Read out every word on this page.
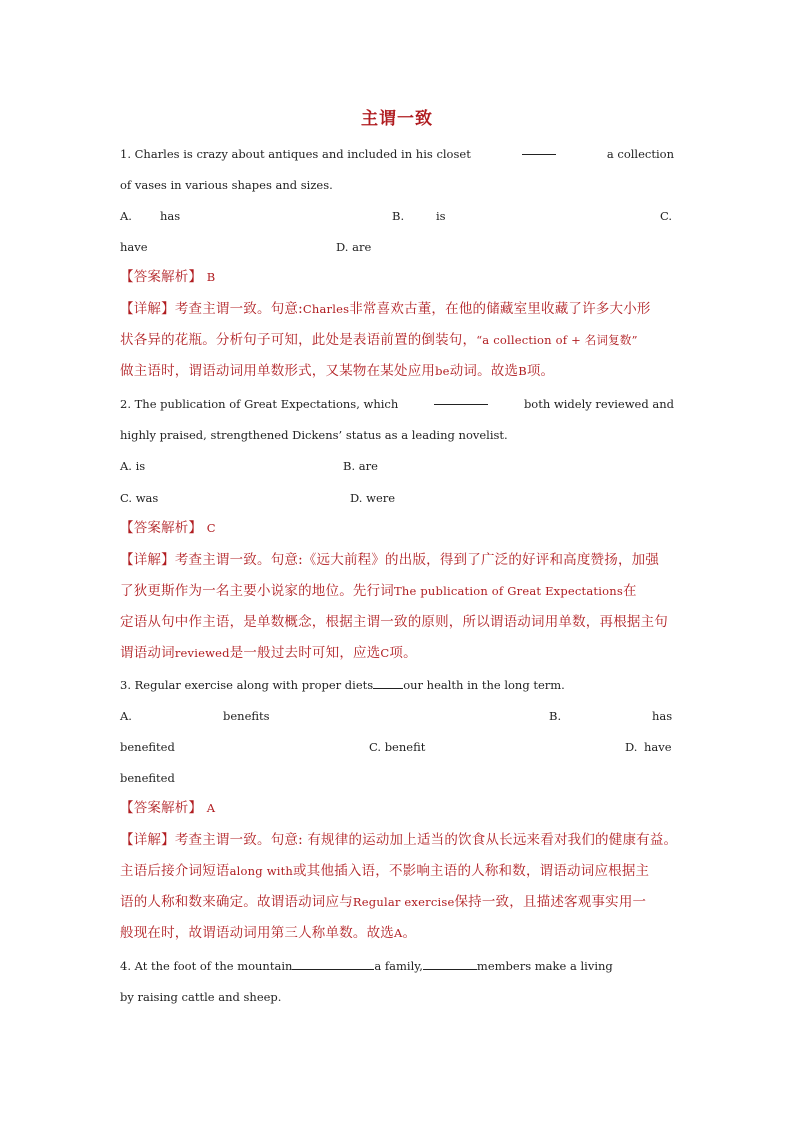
主谓一致
1. Charles is crazy about antiques and included in his closet	a collection
of vases in various shapes and sizes.
A. has	B.	is	C.
have	D. are
【答案解析】 B
【详解】考查主谓一致。句意:Charles非常喜欢古董，在他的储藏室里收藏了许多大小形
状各异的花瓶。分析句子可知，此处是表语前置的倒装句，“a collection of + 名词复数”
做主语时，谓语动词用单数形式，又某物在某处应用be动词。故选B项。
2. The publication of Great Expectations, which	both widely reviewed and
highly praised, strengthened Dickens’ status as a leading novelist.
A. is	B. are
C. was	D. were
【答案解析】 C
【详解】考查主谓一致。句意:《远大前程》的出版，得到了广泛的好评和高度赞扬，加强
了狄更斯作为一名主要小说家的地位。先行词The publication of Great Expectations在
定语从句中作主语，是单数概念，根据主谓一致的原则，所以谓语动词用单数，再根据主句
谓语动词reviewed是一般过去时可知，应选C项。
3. Regular exercise along with proper diets	our health in the long term.
A.	benefits	B.	has
benefited	C. benefit	D. have
benefited
【答案解析】 A
【详解】考查主谓一致。句意: 有规律的运动加上适当的饮食从长远来看对我们的健康有益。
主语后接介词短语along with或其他插入语，不影响主语的人称和数，谓语动词应根据主
语的人称和数来确定。故谓语动词应与Regular exercise保持一致，且描述客观事实用一
般现在时，故谓语动词用第三人称单数。故选A。
4. At the foot of the mountain	a family,	members make a living
by raising cattle and sheep.
